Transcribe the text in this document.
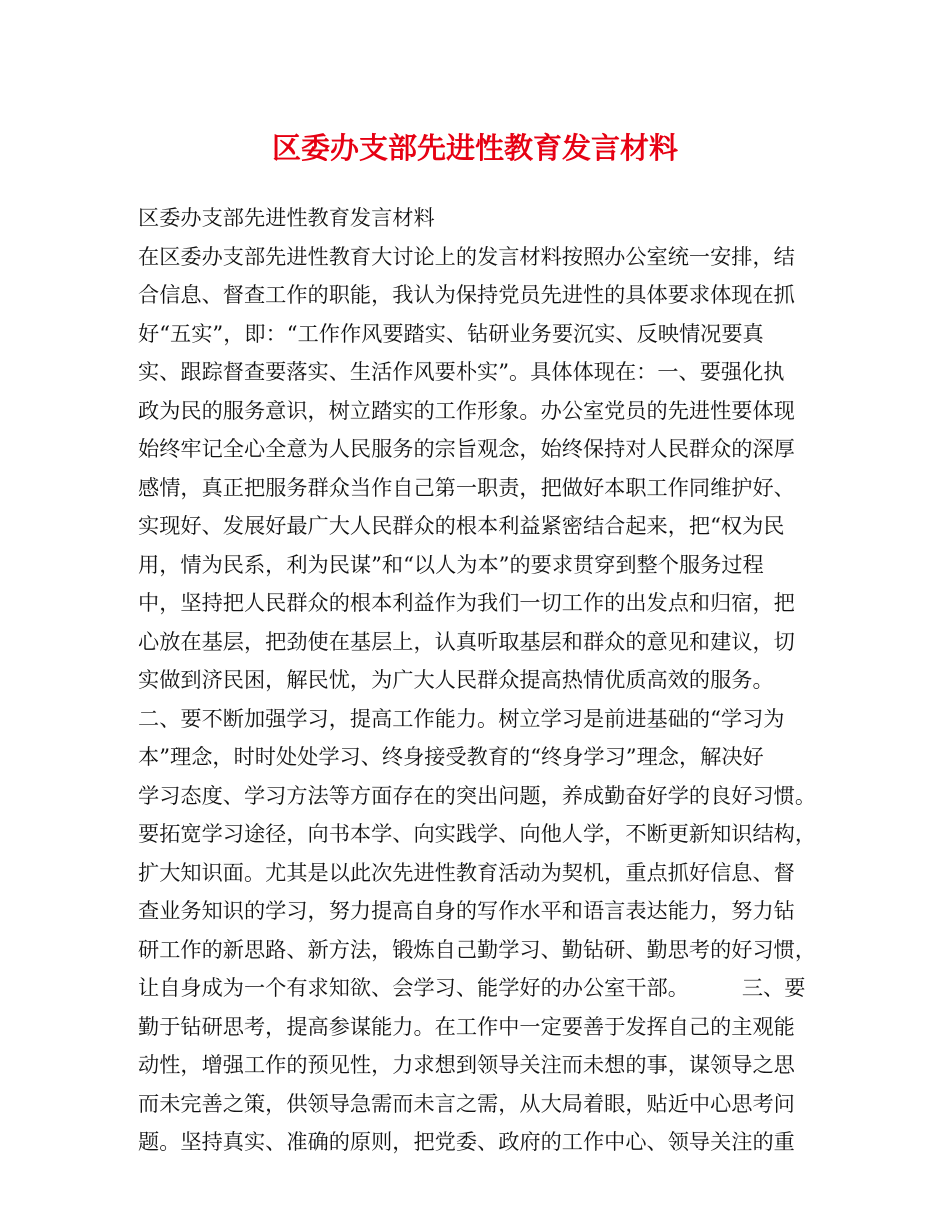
区委办支部先进性教育发言材料
区委办支部先进性教育发言材料
在区委办支部先进性教育大讨论上的发言材料按照办公室统一安排，结
合信息、督查工作的职能，我认为保持党员先进性的具体要求体现在抓
好“五实”，即：“工作作风要踏实、钻研业务要沉实、反映情况要真
实、跟踪督查要落实、生活作风要朴实”。具体体现在：一、要强化执
政为民的服务意识，树立踏实的工作形象。办公室党员的先进性要体现
始终牢记全心全意为人民服务的宗旨观念，始终保持对人民群众的深厚
感情，真正把服务群众当作自己第一职责，把做好本职工作同维护好、
实现好、发展好最广大人民群众的根本利益紧密结合起来，把“权为民
用，情为民系，利为民谋”和“以人为本”的要求贯穿到整个服务过程
中，坚持把人民群众的根本利益作为我们一切工作的出发点和归宿，把
心放在基层，把劲使在基层上，认真听取基层和群众的意见和建议，切
实做到济民困，解民忧，为广大人民群众提高热情优质高效的服务。
二、要不断加强学习，提高工作能力。树立学习是前进基础的“学习为
本”理念，时时处处学习、终身接受教育的“终身学习”理念，解决好
学习态度、学习方法等方面存在的突出问题，养成勤奋好学的良好习惯。
要拓宽学习途径，向书本学、向实践学、向他人学，不断更新知识结构，
扩大知识面。尤其是以此次先进性教育活动为契机，重点抓好信息、督
查业务知识的学习，努力提高自身的写作水平和语言表达能力，努力钻
研工作的新思路、新方法，锻炼自己勤学习、勤钻研、勤思考的好习惯，
让自身成为一个有求知欲、会学习、能学好的办公室干部。　　　三、要
勤于钻研思考，提高参谋能力。在工作中一定要善于发挥自己的主观能
动性，增强工作的预见性，力求想到领导关注而未想的事，谋领导之思
而未完善之策，供领导急需而未言之需，从大局着眼，贴近中心思考问
题。坚持真实、准确的原则，把党委、政府的工作中心、领导关注的重
